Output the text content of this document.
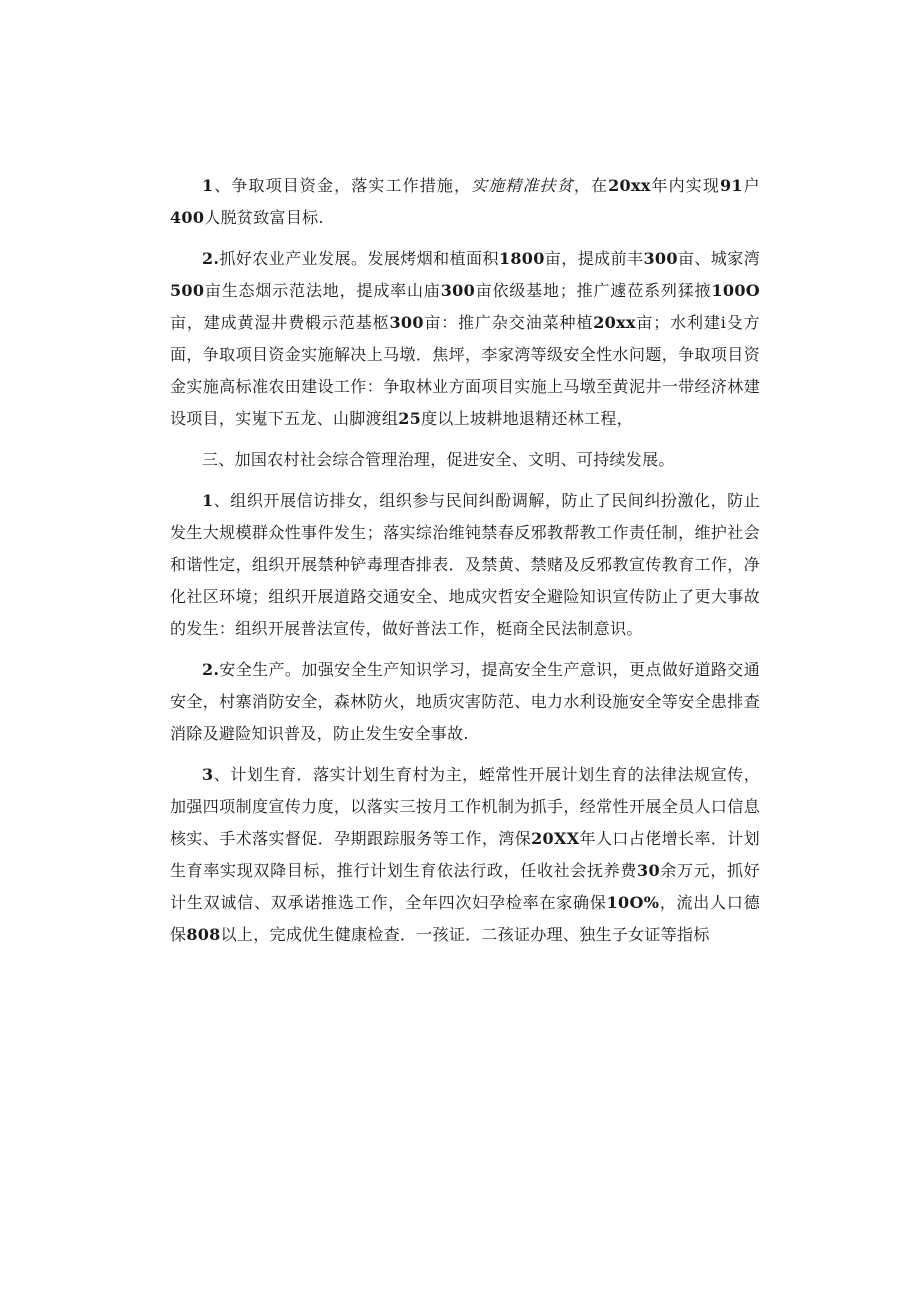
1、争取项目资金，落实工作措施，实施精准扶贫，在20xx年内实现91户400人脱贫致富目标.

2.抓好农业产业发展。发展烤烟和植面积1800亩，提成前丰300亩、城家湾500亩生态烟示范法地，提成率山庙300亩依级基地；推广遽莅系列猱掖100O亩，建成黄湿井费椴示范基柩300亩：推广杂交油菜种植20xx亩；水利建i殳方面，争取项目资金实施解决上马墩．焦坪，李家湾等级安全性水问题，争取项目资金实施高标准农田建设工作：争取林业方面项目实施上马墩至黄泥井一带经济林建设项目，实嵬下五龙、山脚渡组25度以上坡耕地退精还林工程，

三、加国农村社会综合管理治理，促进安全、文明、可持续发展。

1、组织开展信访排女，组织参与民间纠酚调解，防止了民间纠扮激化，防止发生大规模群众性事件发生；落实综治维钝禁春反邪教帮教工作责任制，维护社会和谐性定，组织开展禁种铲毒理杳排表．及禁黄、禁赌及反邪教宣传教育工作，净化社区环境；组织开展道路交通安全、地成灾哲安全避险知识宣传防止了更大事故的发生：组织开展普法宣传，做好普法工作，梃商全民法制意识。

2.安全生产。加强安全生产知识学习，提高安全生产意识，更点做好道路交通安全，村寨消防安全，森林防火，地质灾害防范、电力水利设施安全等安全患排查消除及避险知识普及，防止发生安全事故.

3、计划生育．落实计划生育村为主，蛭常性开展计划生育的法律法规宣传，加强四项制度宣传力度，以落实三按月工作机制为抓手，经常性开展全员人口信息核实、手术落实督促．孕期跟踪服务等工作，湾保20XX年人口占佬增长率．计划生育率实现双降目标，推行计划生育依法行政，任收社会抚养费30余万元，抓好计生双诚信、双承诺推选工作，全年四次妇孕检率在家确保10O%，流出人口德保808以上，完成优生健康检查．一孩证．二孩证办理、独生子女证等指标
